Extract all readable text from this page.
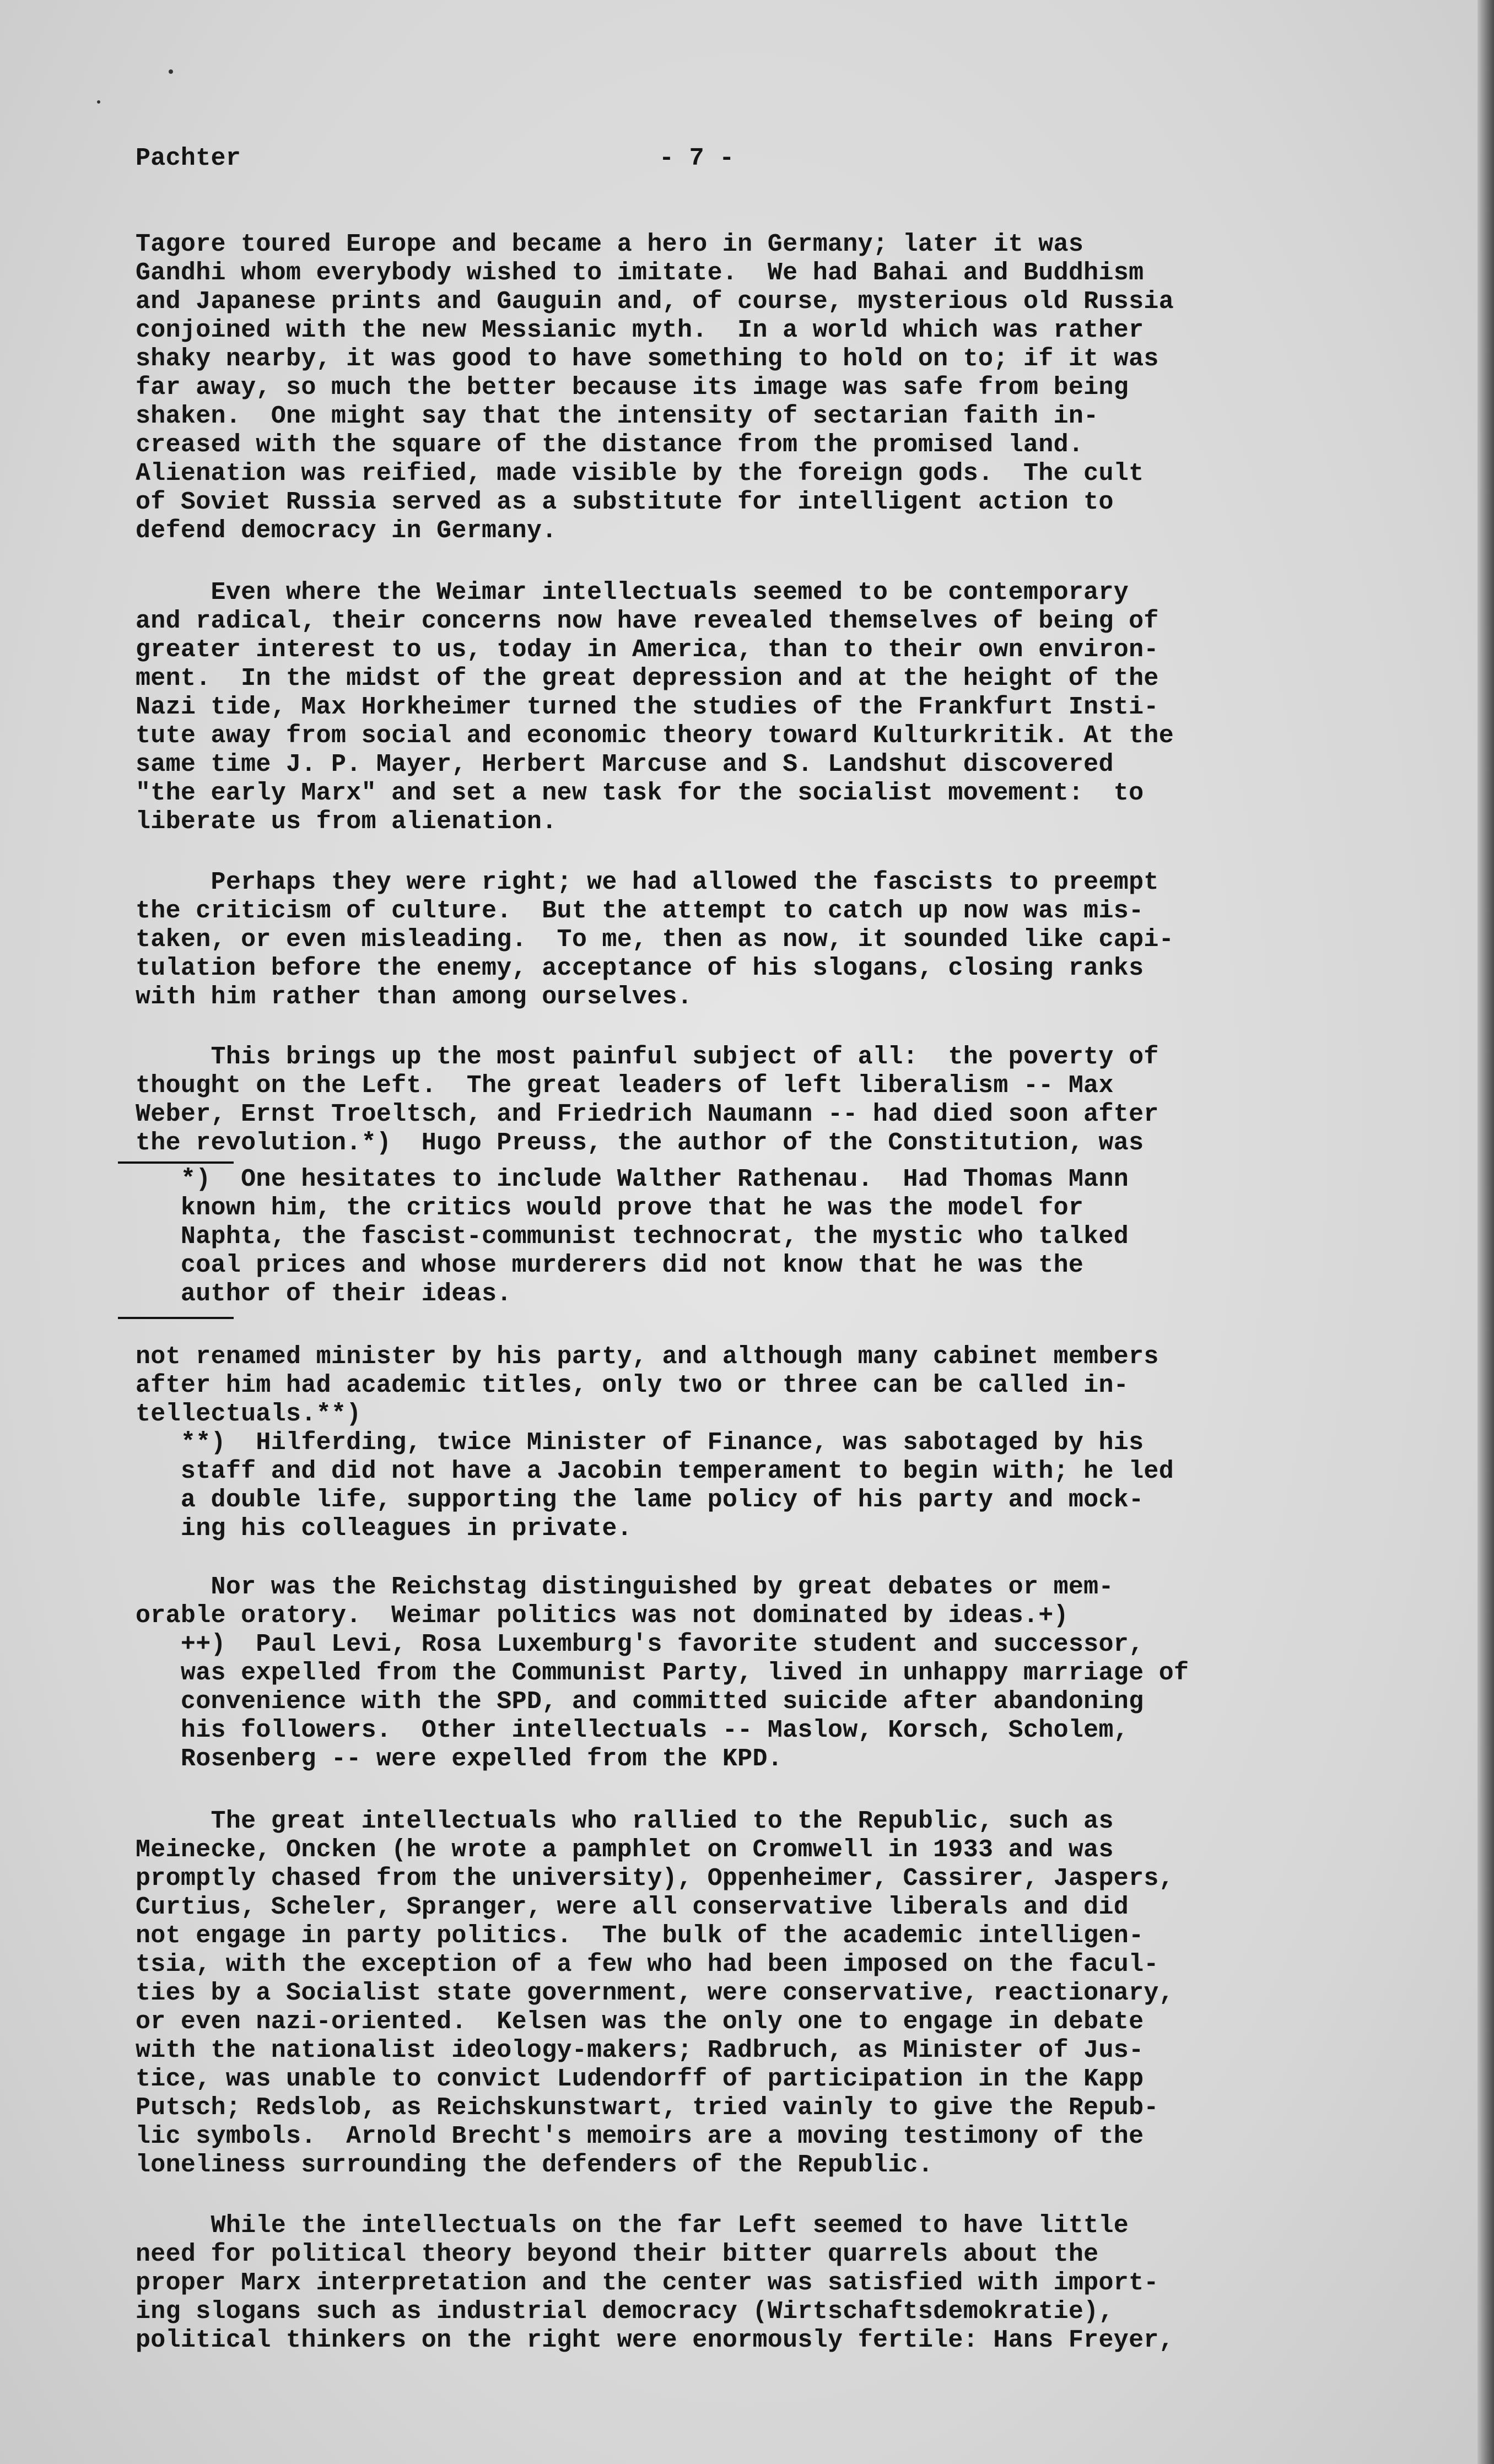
Pachter	- 7 -
Tagore toured Europe and became a hero in Germany; later it was
Gandhi whom everybody wished to imitate.  We had Bahai and Buddhism
and Japanese prints and Gauguin and, of course, mysterious old Russia
conjoined with the new Messianic myth.  In a world which was rather
shaky nearby, it was good to have something to hold on to; if it was
far away, so much the better because its image was safe from being
shaken.  One might say that the intensity of sectarian faith in-
creased with the square of the distance from the promised land.
Alienation was reified, made visible by the foreign gods.  The cult
of Soviet Russia served as a substitute for intelligent action to
defend democracy in Germany.
Even where the Weimar intellectuals seemed to be contemporary
and radical, their concerns now have revealed themselves of being of
greater interest to us, today in America, than to their own environ-
ment.  In the midst of the great depression and at the height of the
Nazi tide, Max Horkheimer turned the studies of the Frankfurt Insti-
tute away from social and economic theory toward Kulturkritik. At the
same time J. P. Mayer, Herbert Marcuse and S. Landshut discovered
"the early Marx" and set a new task for the socialist movement:  to
liberate us from alienation.
Perhaps they were right; we had allowed the fascists to preempt
the criticism of culture.  But the attempt to catch up now was mis-
taken, or even misleading.  To me, then as now, it sounded like capi-
tulation before the enemy, acceptance of his slogans, closing ranks
with him rather than among ourselves.
This brings up the most painful subject of all:  the poverty of
thought on the Left.  The great leaders of left liberalism -- Max
Weber, Ernst Troeltsch, and Friedrich Naumann -- had died soon after
the revolution.*)  Hugo Preuss, the author of the Constitution, was
*)  One hesitates to include Walther Rathenau.  Had Thomas Mann
known him, the critics would prove that he was the model for
Naphta, the fascist-communist technocrat, the mystic who talked
coal prices and whose murderers did not know that he was the
author of their ideas.
not renamed minister by his party, and although many cabinet members
after him had academic titles, only two or three can be called in-
tellectuals.**)
**)  Hilferding, twice Minister of Finance, was sabotaged by his
staff and did not have a Jacobin temperament to begin with; he led
a double life, supporting the lame policy of his party and mock-
ing his colleagues in private.
Nor was the Reichstag distinguished by great debates or mem-
orable oratory.  Weimar politics was not dominated by ideas.+)
++)  Paul Levi, Rosa Luxemburg's favorite student and successor,
was expelled from the Communist Party, lived in unhappy marriage of
convenience with the SPD, and committed suicide after abandoning
his followers.  Other intellectuals -- Maslow, Korsch, Scholem,
Rosenberg -- were expelled from the KPD.
The great intellectuals who rallied to the Republic, such as
Meinecke, Oncken (he wrote a pamphlet on Cromwell in 1933 and was
promptly chased from the university), Oppenheimer, Cassirer, Jaspers,
Curtius, Scheler, Spranger, were all conservative liberals and did
not engage in party politics.  The bulk of the academic intelligen-
tsia, with the exception of a few who had been imposed on the facul-
ties by a Socialist state government, were conservative, reactionary,
or even nazi-oriented.  Kelsen was the only one to engage in debate
with the nationalist ideology-makers; Radbruch, as Minister of Jus-
tice, was unable to convict Ludendorff of participation in the Kapp
Putsch; Redslob, as Reichskunstwart, tried vainly to give the Repub-
lic symbols.  Arnold Brecht's memoirs are a moving testimony of the
loneliness surrounding the defenders of the Republic.
While the intellectuals on the far Left seemed to have little
need for political theory beyond their bitter quarrels about the
proper Marx interpretation and the center was satisfied with import-
ing slogans such as industrial democracy (Wirtschaftsdemokratie),
political thinkers on the right were enormously fertile: Hans Freyer,
